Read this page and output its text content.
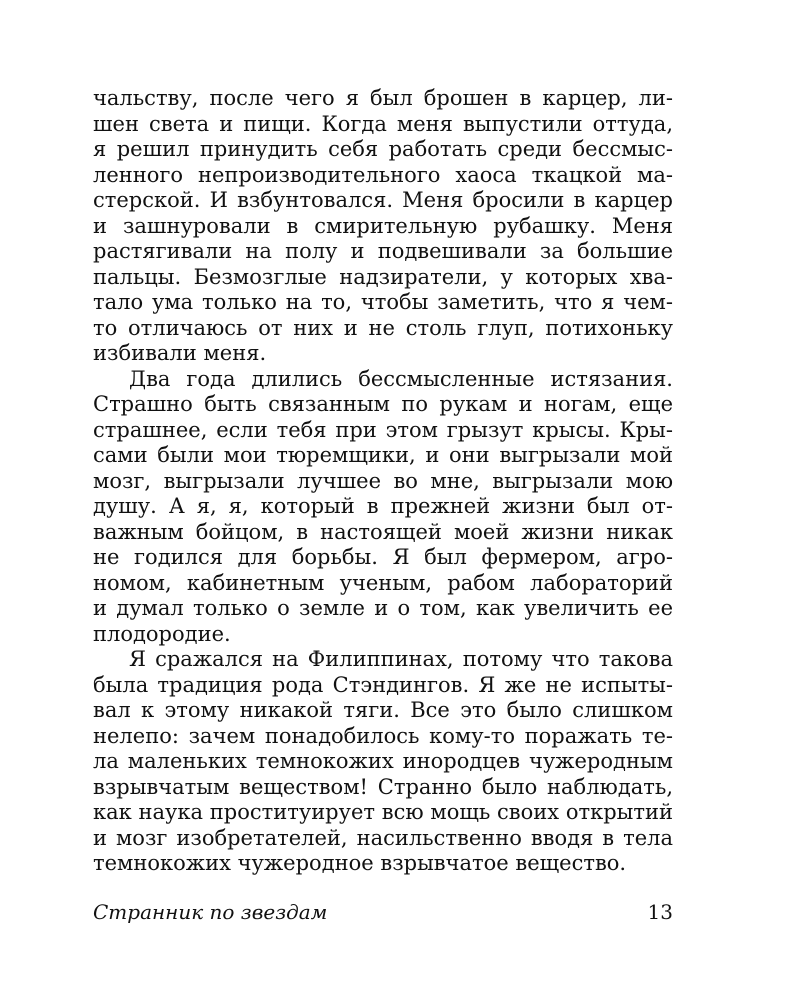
чальству, после чего я был брошен в карцер, ли-
шен света и пищи. Когда меня выпустили оттуда,
я решил принудить себя работать среди бессмыс-
ленного непроизводительного хаоса ткацкой ма-
стерской. И взбунтовался. Меня бросили в карцер
и зашнуровали в смирительную рубашку. Меня
растягивали на полу и подвешивали за большие
пальцы. Безмозглые надзиратели, у которых хва-
тало ума только на то, чтобы заметить, что я чем-
то отличаюсь от них и не столь глуп, потихоньку
избивали меня.
Два года длились бессмысленные истязания.
Страшно быть связанным по рукам и ногам, еще
страшнее, если тебя при этом грызут крысы. Кры-
сами были мои тюремщики, и они выгрызали мой
мозг, выгрызали лучшее во мне, выгрызали мою
душу. А я, я, который в прежней жизни был от-
важным бойцом, в настоящей моей жизни никак
не годился для борьбы. Я был фермером, агро-
номом, кабинетным ученым, рабом лабораторий
и думал только о земле и о том, как увеличить ее
плодородие.
Я сражался на Филиппинах, потому что такова
была традиция рода Стэндингов. Я же не испыты-
вал к этому никакой тяги. Все это было слишком
нелепо: зачем понадобилось кому-то поражать те-
ла маленьких темнокожих инородцев чужеродным
взрывчатым веществом! Странно было наблюдать,
как наука проституирует всю мощь своих открытий
и мозг изобретателей, насильственно вводя в тела
темнокожих чужеродное взрывчатое вещество.
Странник по звездам	13
